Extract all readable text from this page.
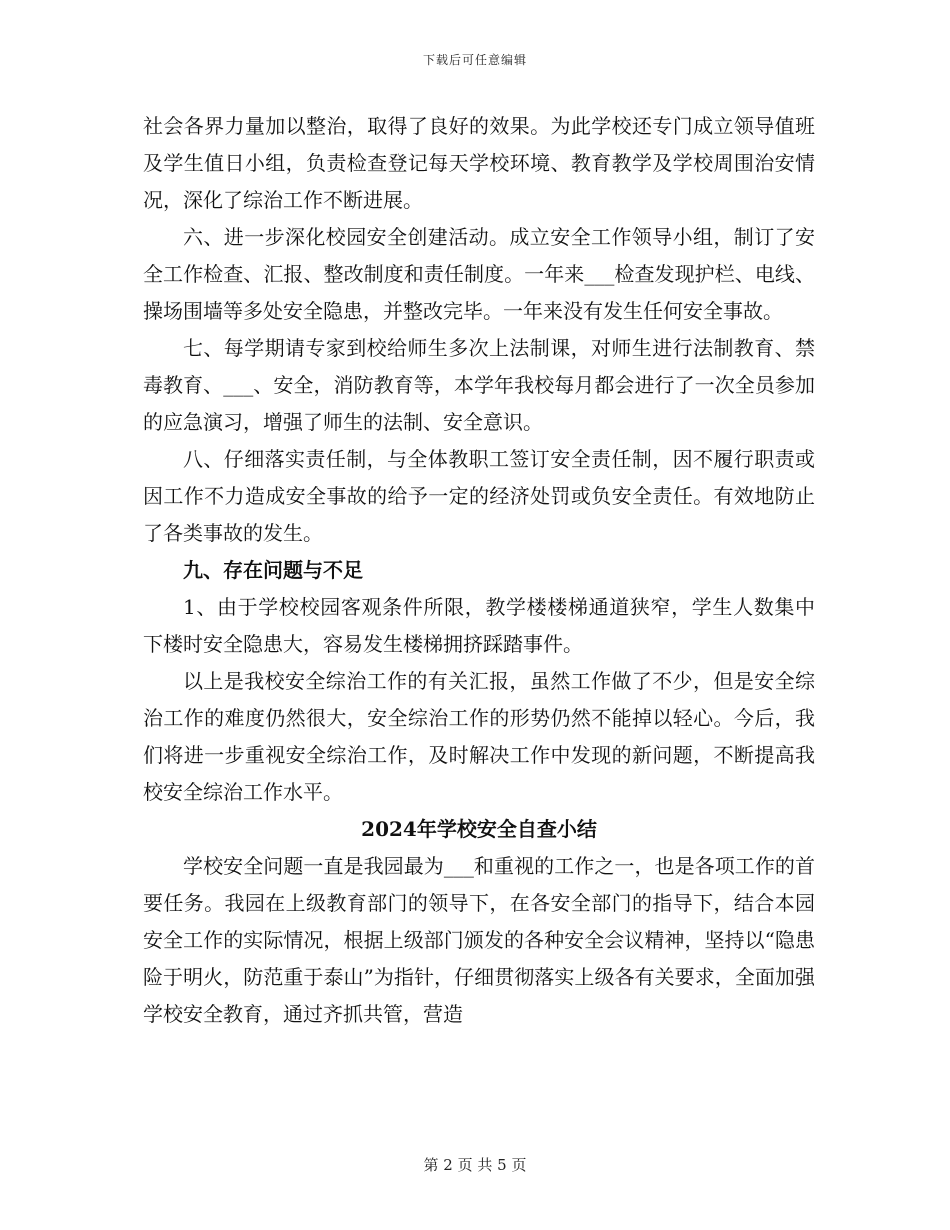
下载后可任意编辑

社会各界力量加以整治，取得了良好的效果。为此学校还专门成立领导值班及学生值日小组，负责检查登记每天学校环境、教育教学及学校周围治安情况，深化了综治工作不断进展。

六、进一步深化校园安全创建活动。成立安全工作领导小组，制订了安全工作检查、汇报、整改制度和责任制度。一年来___检查发现护栏、电线、操场围墙等多处安全隐患，并整改完毕。一年来没有发生任何安全事故。

七、每学期请专家到校给师生多次上法制课，对师生进行法制教育、禁毒教育、___、安全，消防教育等，本学年我校每月都会进行了一次全员参加的应急演习，增强了师生的法制、安全意识。

八、仔细落实责任制，与全体教职工签订安全责任制，因不履行职责或因工作不力造成安全事故的给予一定的经济处罚或负安全责任。有效地防止了各类事故的发生。

九、存在问题与不足

1、由于学校校园客观条件所限，教学楼楼梯通道狭窄，学生人数集中下楼时安全隐患大，容易发生楼梯拥挤踩踏事件。

以上是我校安全综治工作的有关汇报，虽然工作做了不少，但是安全综治工作的难度仍然很大，安全综治工作的形势仍然不能掉以轻心。今后，我们将进一步重视安全综治工作，及时解决工作中发现的新问题，不断提高我校安全综治工作水平。

2024年学校安全自查小结

学校安全问题一直是我园最为___和重视的工作之一，也是各项工作的首要任务。我园在上级教育部门的领导下，在各安全部门的指导下，结合本园安全工作的实际情况，根据上级部门颁发的各种安全会议精神，坚持以“隐患险于明火，防范重于泰山”为指针，仔细贯彻落实上级各有关要求，全面加强学校安全教育，通过齐抓共管，营造

第 2 页 共 5 页
